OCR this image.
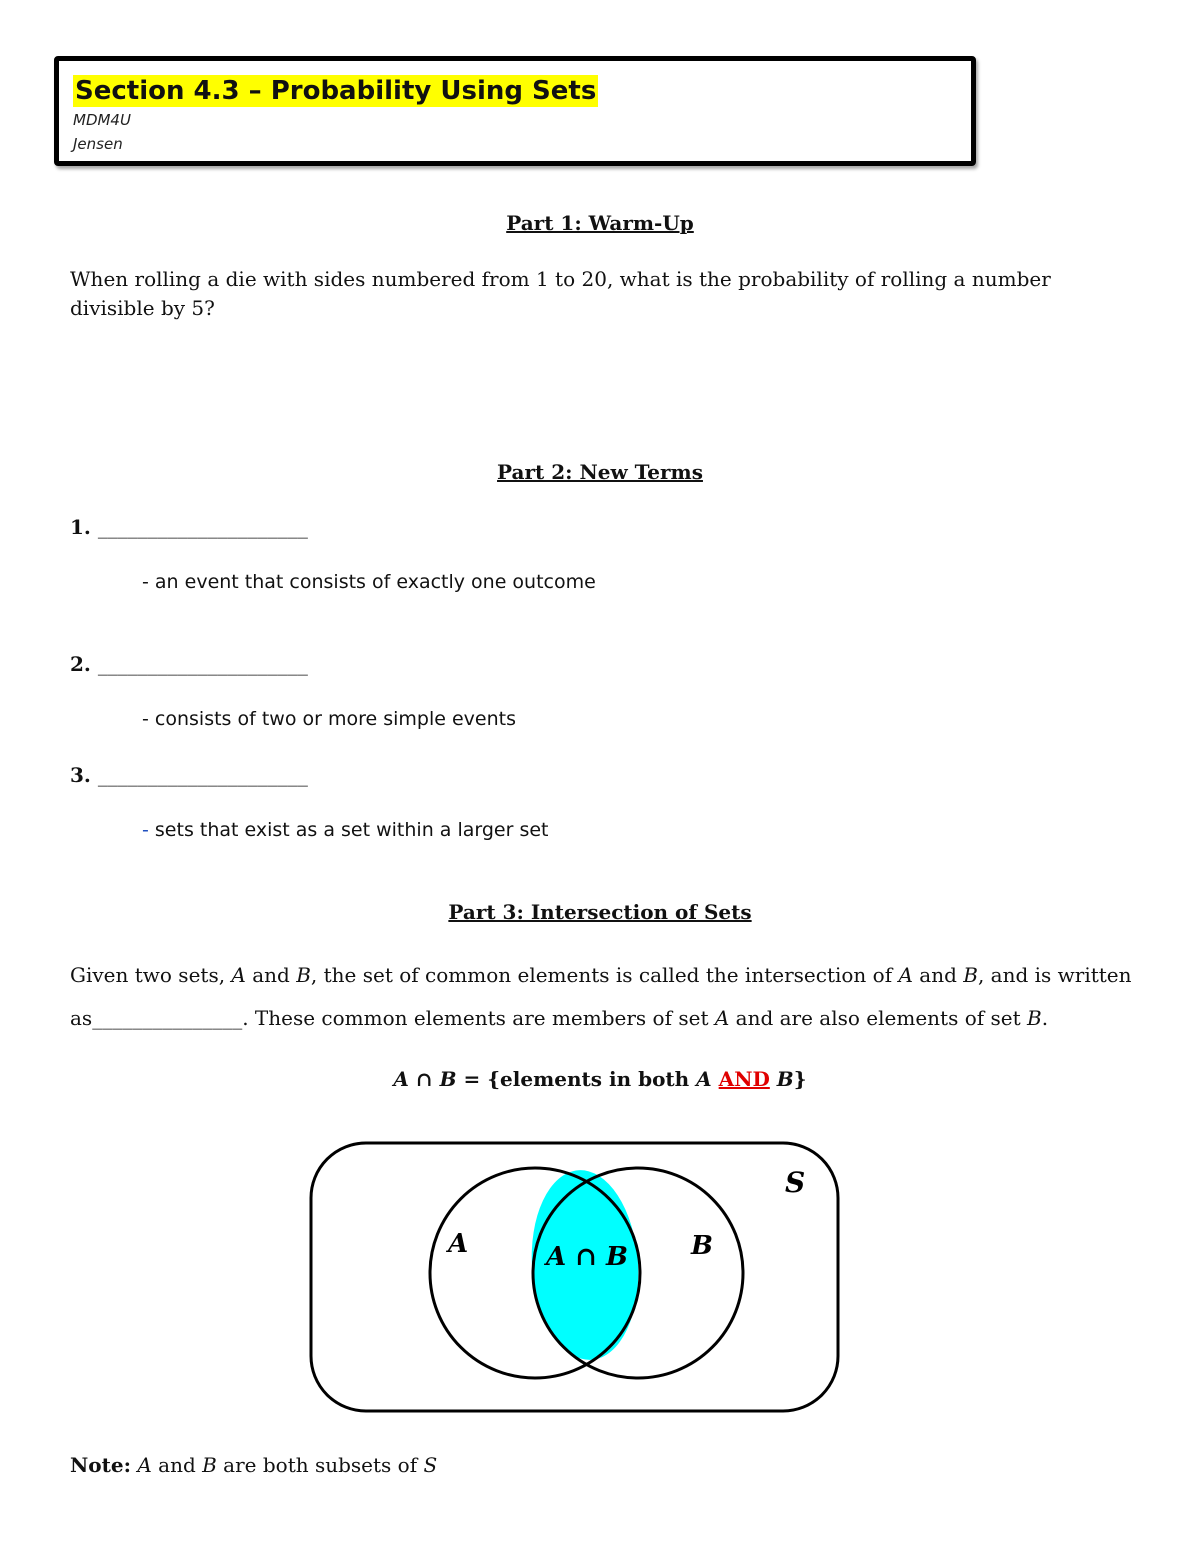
Section 4.3 – Probability Using Sets
MDM4U
Jensen
Part 1: Warm-Up

When rolling a die with sides numbered from 1 to 20, what is the probability of rolling a number divisible by 5?

Part 2: New Terms
1. _____________________
- an event that consists of exactly one outcome
2. _____________________
- consists of two or more simple events
3. _____________________
- sets that exist as a set within a larger set
Part 3: Intersection of Sets

Given two sets, A and B, the set of common elements is called the intersection of A and B, and is written as_______________. These common elements are members of set A and are also elements of set B.

A ∩ B = {elements in both A AND B}
S
A	B
A ∩ B
Note: A and B are both subsets of S
